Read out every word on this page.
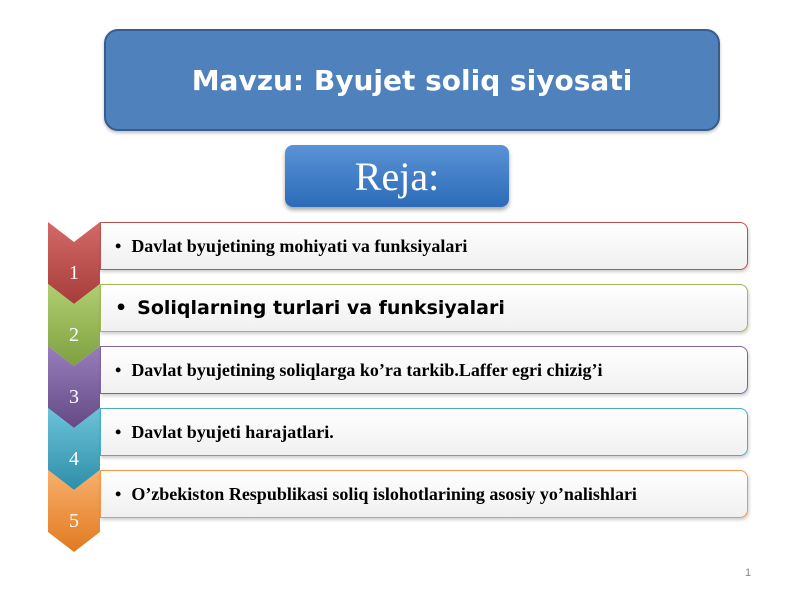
Mavzu: Byujet soliq siyosati
Reja:
1
• Davlat byujetining mohiyati va funksiyalari
2
• Soliqlarning turlari va funksiyalari
3
• Davlat byujetining soliqlarga ko’ra tarkib.Laffer egri chizig’i
4
• Davlat byujeti harajatlari.
5
• O’zbekiston Respublikasi soliq islohotlarining asosiy yo’nalishlari
1
